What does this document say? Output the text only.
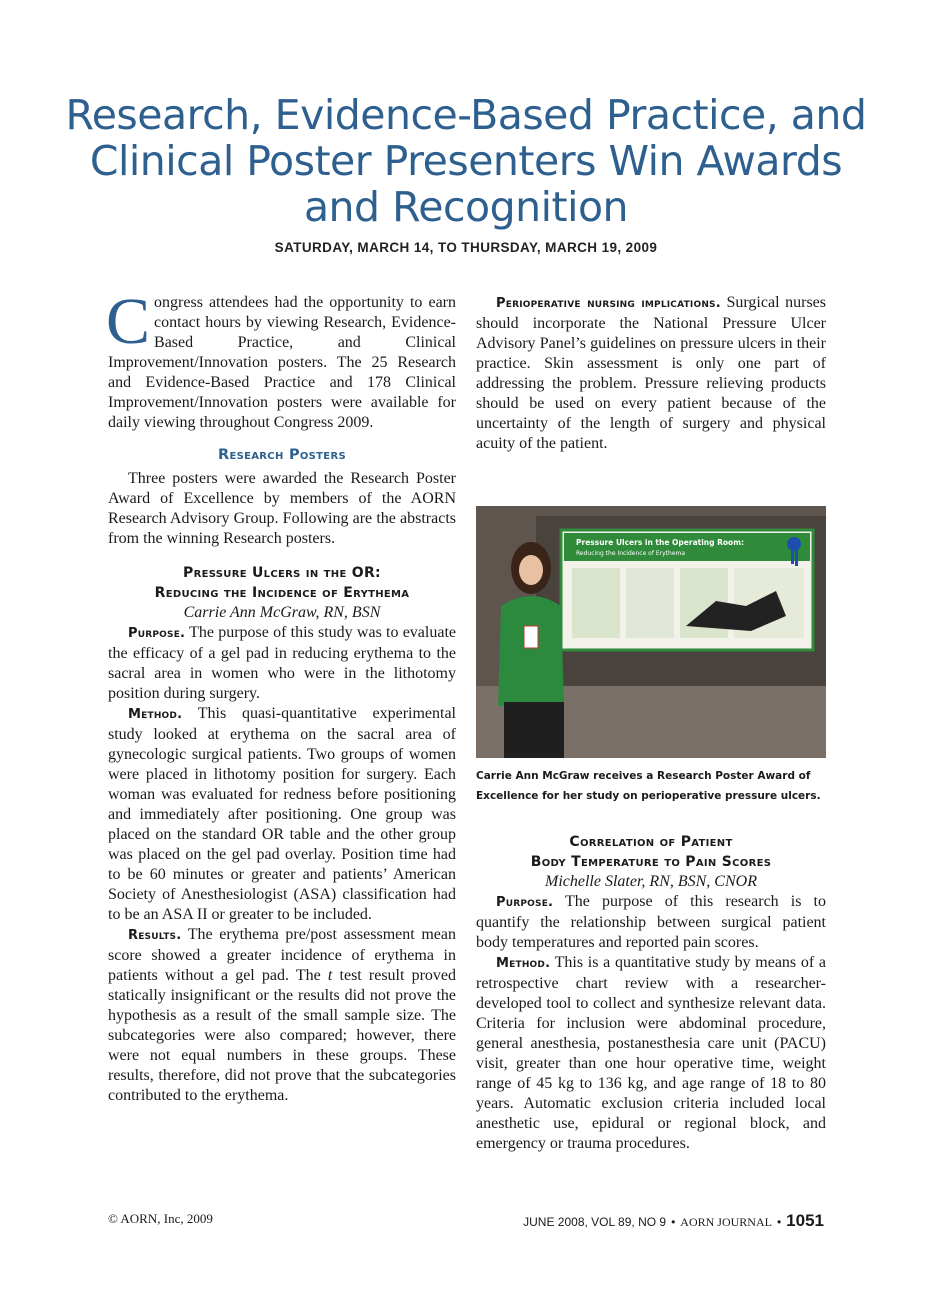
Research, Evidence-Based Practice, and Clinical Poster Presenters Win Awards and Recognition
SATURDAY, MARCH 14, TO THURSDAY, MARCH 19, 2009

Congress attendees had the opportunity to earn contact hours by viewing Research, Evidence-Based Practice, and Clinical Improvement/Innovation posters. The 25 Research and Evidence-Based Practice and 178 Clinical Improvement/Innovation posters were available for daily viewing throughout Congress 2009.

Research Posters

Three posters were awarded the Research Poster Award of Excellence by members of the AORN Research Advisory Group. Following are the abstracts from the winning Research posters.

Pressure Ulcers in the OR:
Reducing the Incidence of Erythema

Carrie Ann McGraw, RN, BSN

Purpose. The purpose of this study was to evaluate the efficacy of a gel pad in reducing erythema to the sacral area in women who were in the lithotomy position during surgery.

Method. This quasi-quantitative experimental study looked at erythema on the sacral area of gynecologic surgical patients. Two groups of women were placed in lithotomy position for surgery. Each woman was evaluated for redness before positioning and immediately after positioning. One group was placed on the standard OR table and the other group was placed on the gel pad overlay. Position time had to be 60 minutes or greater and patients’ American Society of Anesthesiologist (ASA) classification had to be an ASA II or greater to be included.

Results. The erythema pre/post assessment mean score showed a greater incidence of erythema in patients without a gel pad. The t test result proved statically insignificant or the results did not prove the hypothesis as a result of the small sample size. The subcategories were also compared; however, there were not equal numbers in these groups. These results, therefore, did not prove that the subcategories contributed to the erythema.

Perioperative nursing implications. Surgical nurses should incorporate the National Pressure Ulcer Advisory Panel’s guidelines on pressure ulcers in their practice. Skin assessment is only one part of addressing the problem. Pressure relieving products should be used on every patient because of the uncertainty of the length of surgery and physical acuity of the patient.

Pressure Ulcers in the Operating Room:
Reducing the Incidence of Erythema
Carrie Ann McGraw receives a Research Poster Award of Excellence for her study on perioperative pressure ulcers.
Correlation of Patient
Body Temperature to Pain Scores

Michelle Slater, RN, BSN, CNOR

Purpose. The purpose of this research is to quantify the relationship between surgical patient body temperatures and reported pain scores.

Method. This is a quantitative study by means of a retrospective chart review with a researcher-developed tool to collect and synthesize relevant data. Criteria for inclusion were abdominal procedure, general anesthesia, postanesthesia care unit (PACU) visit, greater than one hour operative time, weight range of 45 kg to 136 kg, and age range of 18 to 80 years. Automatic exclusion criteria included local anesthetic use, epidural or regional block, and emergency or trauma procedures.

© AORN, Inc, 2009	JUNE 2008, VOL 89, NO 9 • AORN JOURNAL • 1051
